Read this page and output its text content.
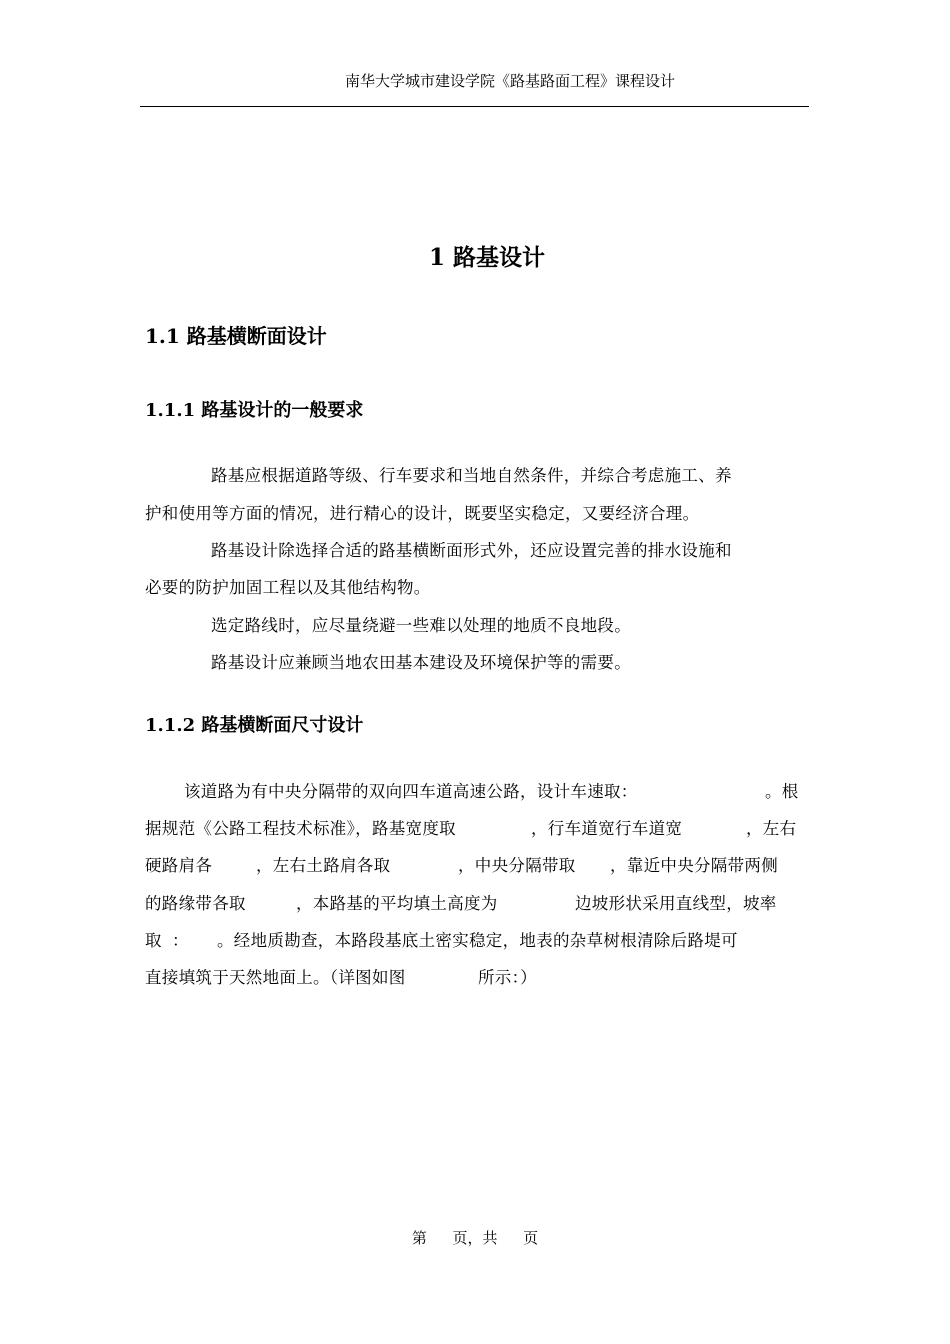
南华大学城市建设学院《路基路面工程》课程设计
1 路基设计
1.1 路基横断面设计
1.1.1 路基设计的一般要求
路基应根据道路等级、行车要求和当地自然条件，并综合考虑施工、养
护和使用等方面的情况，进行精心的设计，既要坚实稳定，又要经济合理。
路基设计除选择合适的路基横断面形式外，还应设置完善的排水设施和
必要的防护加固工程以及其他结构物。
选定路线时，应尽量绕避一些难以处理的地质不良地段。
路基设计应兼顾当地农田基本建设及环境保护等的需要。
1.1.2 路基横断面尺寸设计
该道路为有中央分隔带的双向四车道高速公路，设计车速取：	。根
据规范《公路工程技术标准》，路基宽度取	，行车道宽行车道宽	，左右
硬路肩各	，左右土路肩各取	，中央分隔带取 ，靠近中央分隔带两侧
的路缘带各取	，本路基的平均填土高度为	边坡形状采用直线型，坡率
取 ： 。经地质勘查，本路段基底土密实稳定，地表的杂草树根清除后路堤可
直接填筑于天然地面上。（详图如图	所示：）
第 页，共 页
